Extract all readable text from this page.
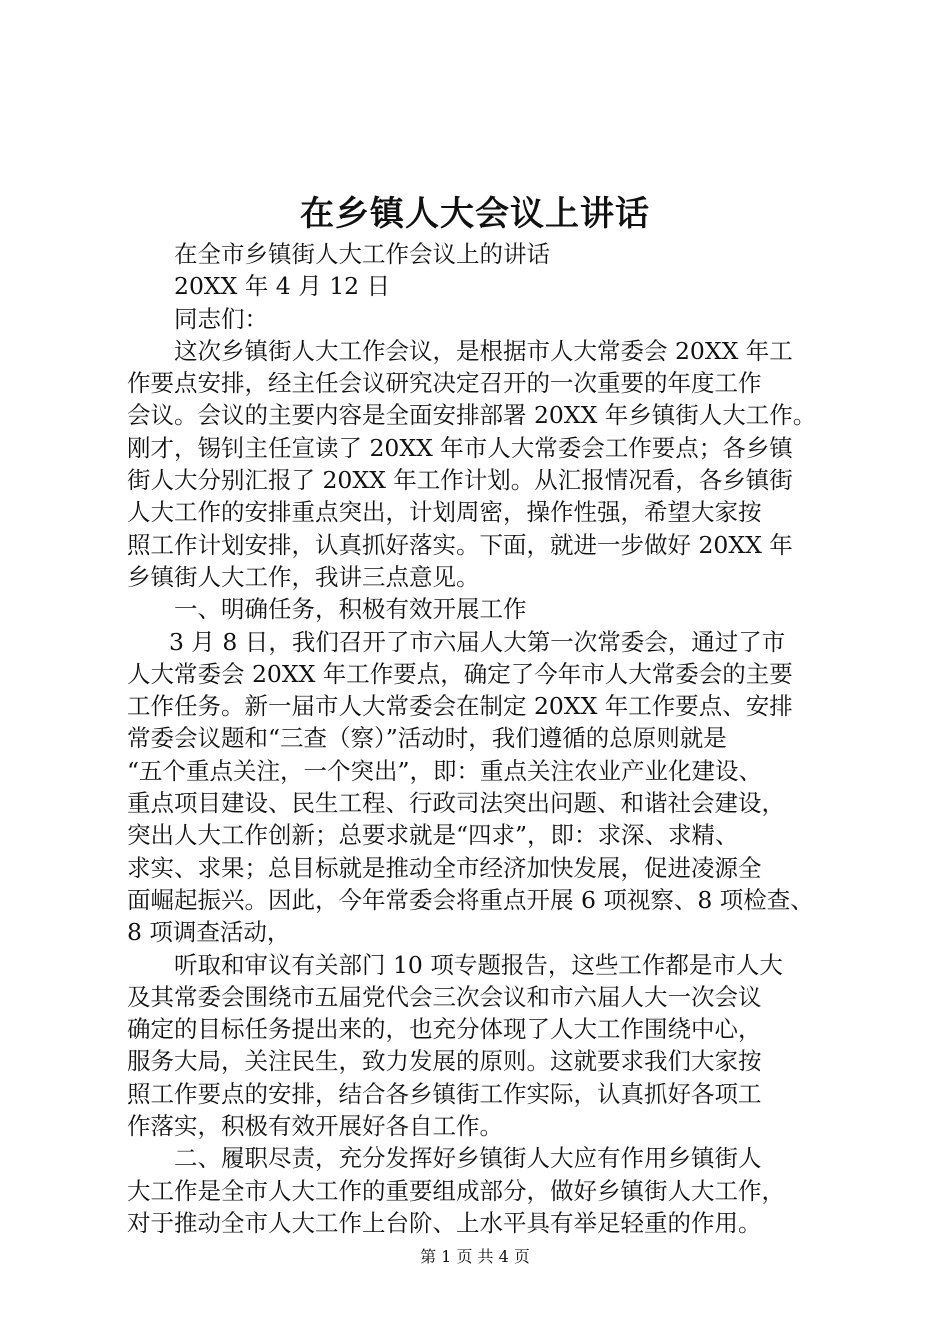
在乡镇人大会议上讲话
在全市乡镇街人大工作会议上的讲话
20XX 年 4 月 12 日
同志们：
这次乡镇街人大工作会议，是根据市人大常委会 20XX 年工
作要点安排，经主任会议研究决定召开的一次重要的年度工作
会议。会议的主要内容是全面安排部署 20XX 年乡镇街人大工作。
刚才，锡钊主任宣读了 20XX 年市人大常委会工作要点；各乡镇
街人大分别汇报了 20XX 年工作计划。从汇报情况看，各乡镇街
人大工作的安排重点突出，计划周密，操作性强，希望大家按
照工作计划安排，认真抓好落实。下面，就进一步做好 20XX 年
乡镇街人大工作，我讲三点意见。
一、明确任务，积极有效开展工作
3 月 8 日，我们召开了市六届人大第一次常委会，通过了市
人大常委会 20XX 年工作要点，确定了今年市人大常委会的主要
工作任务。新一届市人大常委会在制定 20XX 年工作要点、安排
常委会议题和“三查（察）”活动时，我们遵循的总原则就是
“五个重点关注，一个突出”，即：重点关注农业产业化建设、
重点项目建设、民生工程、行政司法突出问题、和谐社会建设，
突出人大工作创新；总要求就是“四求”，即：求深、求精、
求实、求果；总目标就是推动全市经济加快发展，促进凌源全
面崛起振兴。因此，今年常委会将重点开展 6 项视察、8 项检查、
8 项调查活动，
听取和审议有关部门 10 项专题报告，这些工作都是市人大
及其常委会围绕市五届党代会三次会议和市六届人大一次会议
确定的目标任务提出来的，也充分体现了人大工作围绕中心，
服务大局，关注民生，致力发展的原则。这就要求我们大家按
照工作要点的安排，结合各乡镇街工作实际，认真抓好各项工
作落实，积极有效开展好各自工作。
二、履职尽责，充分发挥好乡镇街人大应有作用乡镇街人
大工作是全市人大工作的重要组成部分，做好乡镇街人大工作，
对于推动全市人大工作上台阶、上水平具有举足轻重的作用。
第 1 页 共 4 页
